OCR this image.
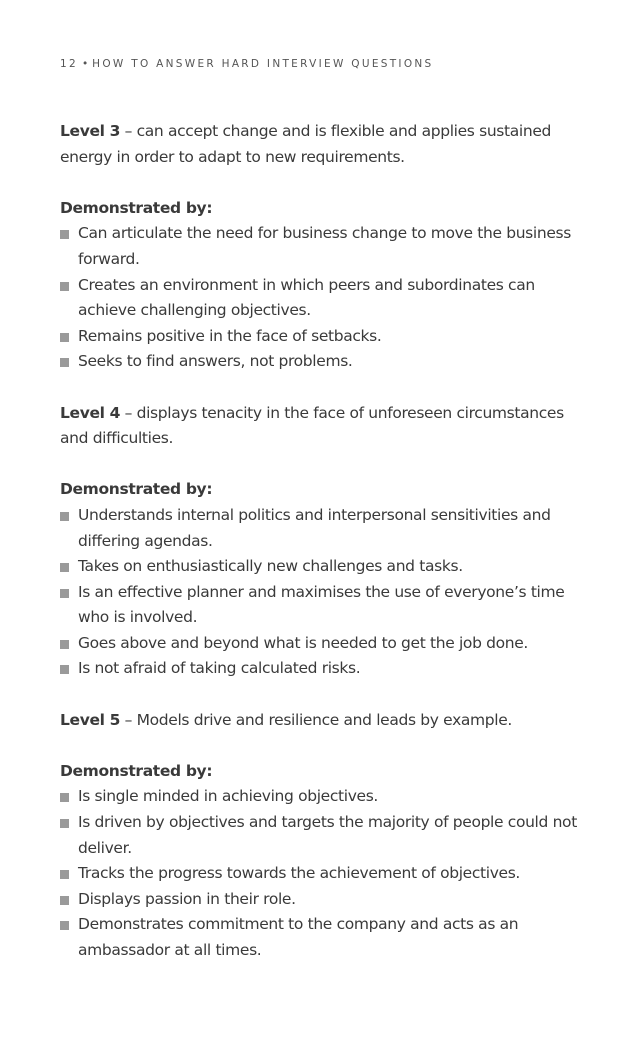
12 • HOW TO ANSWER HARD INTERVIEW QUESTIONS

Level 3 – can accept change and is flexible and applies sustained energy in order to adapt to new requirements.

Demonstrated by:

Can articulate the need for business change to move the business forward.
Creates an environment in which peers and subordinates can achieve challenging objectives.
Remains positive in the face of setbacks.
Seeks to find answers, not problems.

Level 4 – displays tenacity in the face of unforeseen circumstances and difficulties.

Demonstrated by:

Understands internal politics and interpersonal sensitivities and differing agendas.
Takes on enthusiastically new challenges and tasks.
Is an effective planner and maximises the use of everyone’s time who is involved.
Goes above and beyond what is needed to get the job done.
Is not afraid of taking calculated risks.

Level 5 – Models drive and resilience and leads by example.

Demonstrated by:

Is single minded in achieving objectives.
Is driven by objectives and targets the majority of people could not deliver.
Tracks the progress towards the achievement of objectives.
Displays passion in their role.
Demonstrates commitment to the company and acts as an ambassador at all times.
